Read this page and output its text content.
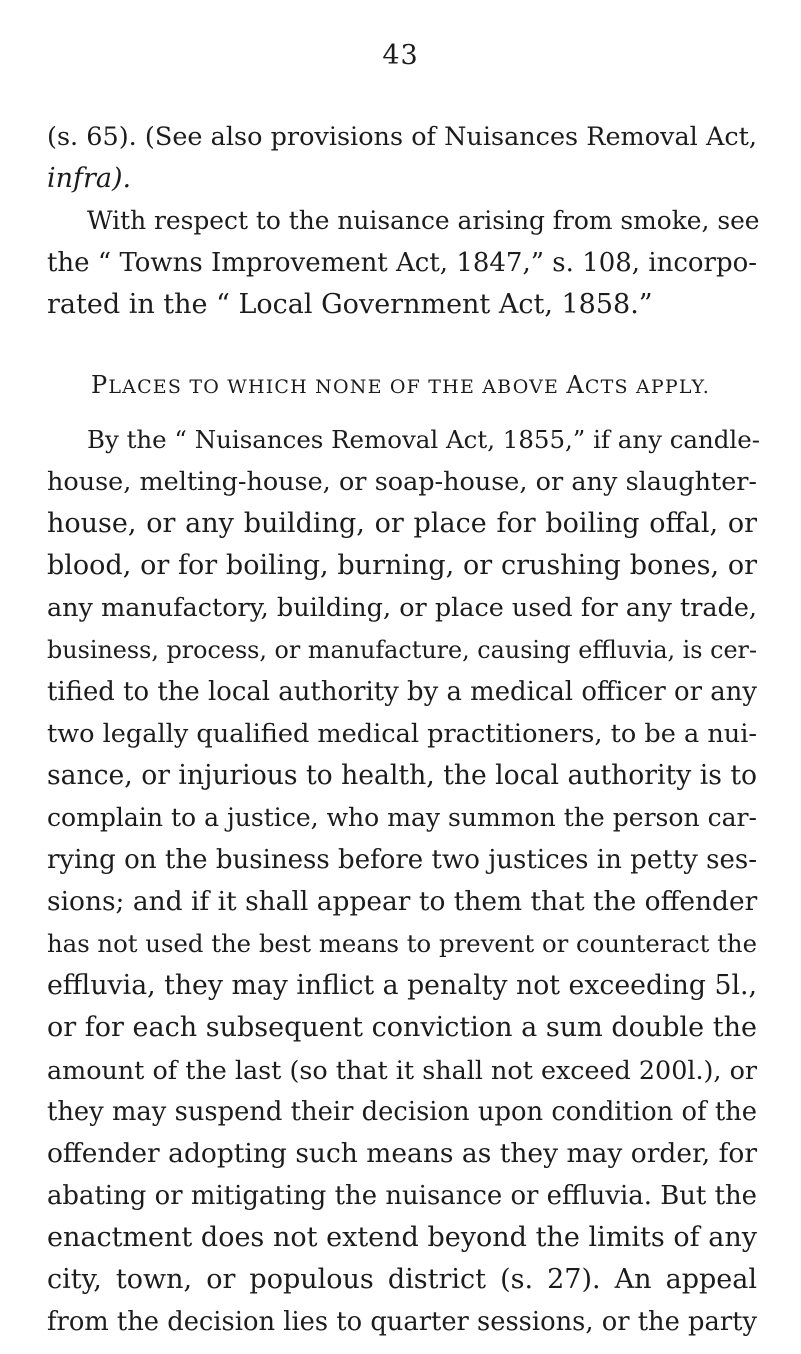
43
(s. 65). (See also provisions of Nuisances Removal Act,
infra).
With respect to the nuisance arising from smoke, see
the “ Towns Improvement Act, 1847,” s. 108, incorpo-
rated in the “ Local Government Act, 1858.”
PLACES TO WHICH NONE OF THE ABOVE ACTS APPLY.
By the “ Nuisances Removal Act, 1855,” if any candle-
house, melting-house, or soap-house, or any slaughter-
house, or any building, or place for boiling offal, or
blood, or for boiling, burning, or crushing bones, or
any manufactory, building, or place used for any trade,
business, process, or manufacture, causing effluvia, is cer-
tified to the local authority by a medical officer or any
two legally qualified medical practitioners, to be a nui-
sance, or injurious to health, the local authority is to
complain to a justice, who may summon the person car-
rying on the business before two justices in petty ses-
sions; and if it shall appear to them that the offender
has not used the best means to prevent or counteract the
effluvia, they may inflict a penalty not exceeding 5l.,
or for each subsequent conviction a sum double the
amount of the last (so that it shall not exceed 200l.), or
they may suspend their decision upon condition of the
offender adopting such means as they may order, for
abating or mitigating the nuisance or effluvia. But the
enactment does not extend beyond the limits of any
city, town, or populous district (s. 27). An appeal
from the decision lies to quarter sessions, or the party
